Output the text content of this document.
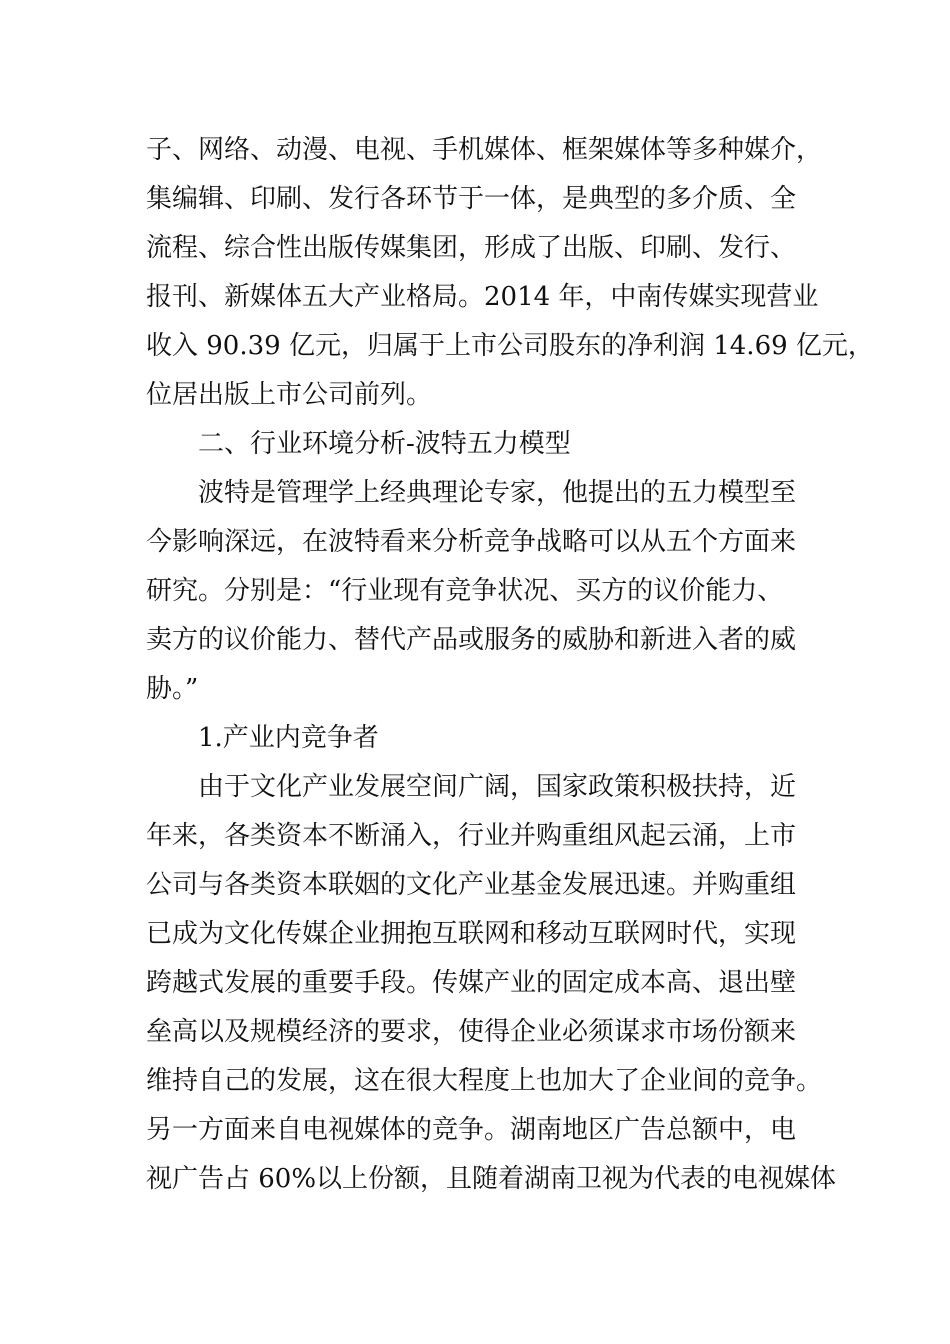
子、网络、动漫、电视、手机媒体、框架媒体等多种媒介，
集编辑、印刷、发行各环节于一体，是典型的多介质、全
流程、综合性出版传媒集团，形成了出版、印刷、发行、
报刊、新媒体五大产业格局。2014 年，中南传媒实现营业
收入 90.39 亿元，归属于上市公司股东的净利润 14.69 亿元，
位居出版上市公司前列。
二、行业环境分析-波特五力模型
波特是管理学上经典理论专家，他提出的五力模型至
今影响深远，在波特看来分析竞争战略可以从五个方面来
研究。分别是：“行业现有竞争状况、买方的议价能力、
卖方的议价能力、替代产品或服务的威胁和新进入者的威
胁。”
1.产业内竞争者
由于文化产业发展空间广阔，国家政策积极扶持，近
年来，各类资本不断涌入，行业并购重组风起云涌，上市
公司与各类资本联姻的文化产业基金发展迅速。并购重组
已成为文化传媒企业拥抱互联网和移动互联网时代，实现
跨越式发展的重要手段。传媒产业的固定成本高、退出壁
垒高以及规模经济的要求，使得企业必须谋求市场份额来
维持自己的发展，这在很大程度上也加大了企业间的竞争。
另一方面来自电视媒体的竞争。湖南地区广告总额中，电
视广告占 60%以上份额，且随着湖南卫视为代表的电视媒体
